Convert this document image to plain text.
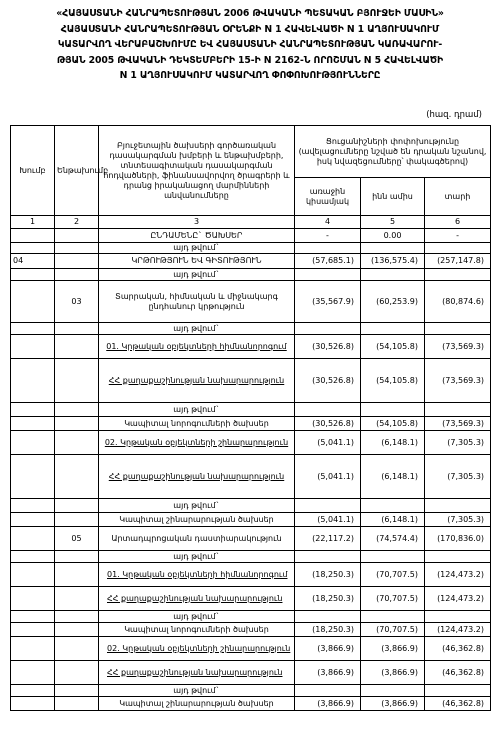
«ՀԱՅԱՍՏԱՆԻ ՀԱՆՐԱՊԵՏՈՒԹՅԱՆ 2006 ԹՎԱԿԱՆԻ ՊԵՏԱԿԱՆ ԲՅՈՒՋԵԻ ՄԱՍԻՆ»
ՀԱՅԱՍՏԱՆԻ ՀԱՆՐԱՊԵՏՈՒԹՅԱՆ ՕՐԵՆՔԻ N 1 ՀԱՎԵԼՎԱԾԻ N 1 ԱՂՅՈՒՍԱԿՈՒՄ
ԿԱՏԱՐՎՈՂ ՎԵՐԱԲԱՇԽՈՒՄԸ ԵՎ ՀԱՅԱՍՏԱՆԻ ՀԱՆՐԱՊԵՏՈՒԹՅԱՆ ԿԱՌԱՎԱՐՈՒ-
ԹՅԱՆ 2005 ԹՎԱԿԱՆԻ ԴԵԿՏԵՄԲԵՐԻ 15-Ի N 2162-Ն ՈՐՈՇՄԱՆ N 5 ՀԱՎԵԼՎԱԾԻ
N 1 ԱՂՅՈՒՍԱԿՈՒՄ ԿԱՏԱՐՎՈՂ ՓՈՓՈԽՈՒԹՅՈՒՆՆԵՐԸ
(հազ. դրամ)
Խումբ	Ենթախումբ	Բյուջետային ծախսերի գործառական դասակարգման խմբերի և ենթախմբերի, տնտեսագիտական դասակարգման հոդվածների, ֆինանսավորվող ծրագրերի և դրանց իրականացող մարմինների անվանումները	Ցուցանիշների փոփոխությունը (ավելացումները նշված են դրական նշանով, իսկ նվազեցումները՝ փակագծերով)		
			առաջին կիսամյակ	ինն ամիս	տարի
1	2	3	4	5	6
		ԸՆԴԱՄԵՆԸ` ԾԱԽՍԵՐ	-	0.00	-
		այդ թվում`			
04		ԿՐԹՈՒԹՅՈՒՆ ԵՎ ԳԻՏՈՒԹՅՈՒՆ	(57,685.1)	(136,575.4)	(257,147.8)
		այդ թվում`			
	03	Տարրական, հիմնական և միջնակարգ ընդհանուր կրթություն	(35,567.9)	(60,253.9)	(80,874.6)
		այդ թվում`			
		01. Կրթական օբյեկտների հիմնանորոգում	(30,526.8)	(54,105.8)	(73,569.3)
		ՀՀ քաղաքաշինության նախարարություն	(30,526.8)	(54,105.8)	(73,569.3)
		այդ թվում`			
		Կապիտալ նորոգումների ծախսեր	(30,526.8)	(54,105.8)	(73,569.3)
		02. Կրթական օբյեկտների շինարարություն	(5,041.1)	(6,148.1)	(7,305.3)
		ՀՀ քաղաքաշինության նախարարություն	(5,041.1)	(6,148.1)	(7,305.3)
		այդ թվում`			
		Կապիտալ շինարարության ծախսեր	(5,041.1)	(6,148.1)	(7,305.3)
	05	Արտադպրոցական դաստիարակություն	(22,117.2)	(74,574.4)	(170,836.0)
		այդ թվում`			
		01. Կրթական օբյեկտների հիմնանորոգում	(18,250.3)	(70,707.5)	(124,473.2)
		ՀՀ քաղաքաշինության նախարարություն	(18,250.3)	(70,707.5)	(124,473.2)
		այդ թվում`			
		Կապիտալ նորոգումների ծախսեր	(18,250.3)	(70,707.5)	(124,473.2)
		02. Կրթական օբյեկտների շինարարություն	(3,866.9)	(3,866.9)	(46,362.8)
		ՀՀ քաղաքաշինության նախարարություն	(3,866.9)	(3,866.9)	(46,362.8)
		այդ թվում`			
		Կապիտալ շինարարության ծախսեր	(3,866.9)	(3,866.9)	(46,362.8)
